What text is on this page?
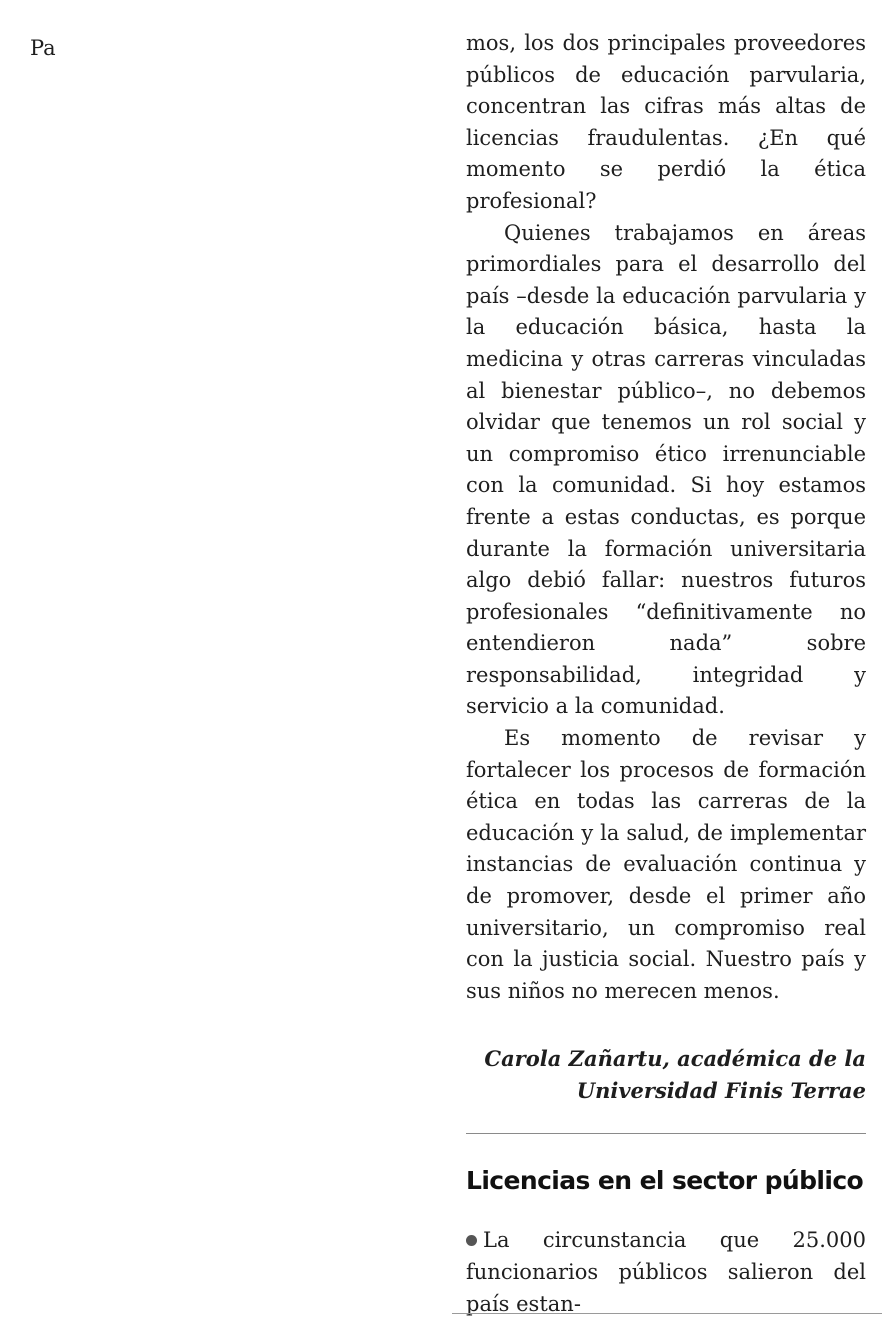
Pa	mos, los dos principales proveedores públicos de educación parvularia, concentran las cifras más altas de licencias fraudulentas. ¿En qué momento se perdió la ética profesional?

Quienes trabajamos en áreas primordiales para el desarrollo del país –desde la educación parvularia y la educación básica, hasta la medicina y otras carreras vinculadas al bienestar público–, no debemos olvidar que tenemos un rol social y un compromiso ético irrenunciable con la comunidad. Si hoy estamos frente a estas conductas, es porque durante la formación universitaria algo debió fallar: nuestros futuros profesionales “definitivamente no entendieron nada” sobre responsabilidad, integridad y servicio a la comunidad.

Es momento de revisar y fortalecer los procesos de formación ética en todas las carreras de la educación y la salud, de implementar instancias de evaluación continua y de promover, desde el primer año universitario, un compromiso real con la justicia social. Nuestro país y sus niños no merecen menos.

Carola Zañartu, académica de la
Universidad Finis Terrae
Licencias en el sector público

La circunstancia que 25.000 funcionarios públicos salieron del país estan-
